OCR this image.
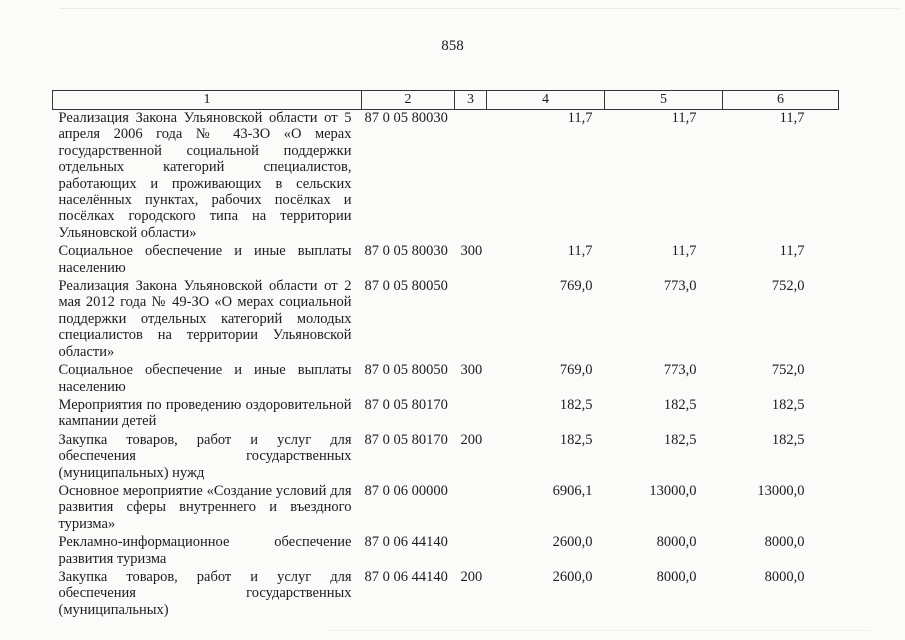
858
1	2	3	4	5	6
Реализация Закона Ульяновской области от 5 апреля 2006 года № 43-ЗО «О мерах государственной социальной поддержки отдельных категорий специалистов, работающих и проживающих в сельских населённых пунктах, рабочих посёлках и посёлках городского типа на территории Ульяновской области»	87 0 05 80030		11,7	11,7	11,7
Социальное обеспечение и иные выплаты населению	87 0 05 80030	300	11,7	11,7	11,7
Реализация Закона Ульяновской области от 2 мая 2012 года № 49-ЗО «О мерах социальной поддержки отдельных категорий молодых специалистов на территории Ульяновской области»	87 0 05 80050		769,0	773,0	752,0
Социальное обеспечение и иные выплаты населению	87 0 05 80050	300	769,0	773,0	752,0
Мероприятия по проведению оздоровительной кампании детей	87 0 05 80170		182,5	182,5	182,5
Закупка товаров, работ и услуг для обеспечения государственных (муниципальных) нужд	87 0 05 80170	200	182,5	182,5	182,5
Основное мероприятие «Создание условий для развития сферы внутреннего и въездного туризма»	87 0 06 00000		6906,1	13000,0	13000,0
Рекламно-информационное обеспечение развития туризма	87 0 06 44140		2600,0	8000,0	8000,0
Закупка товаров, работ и услуг для обеспечения государственных (муниципальных)	87 0 06 44140	200	2600,0	8000,0	8000,0
